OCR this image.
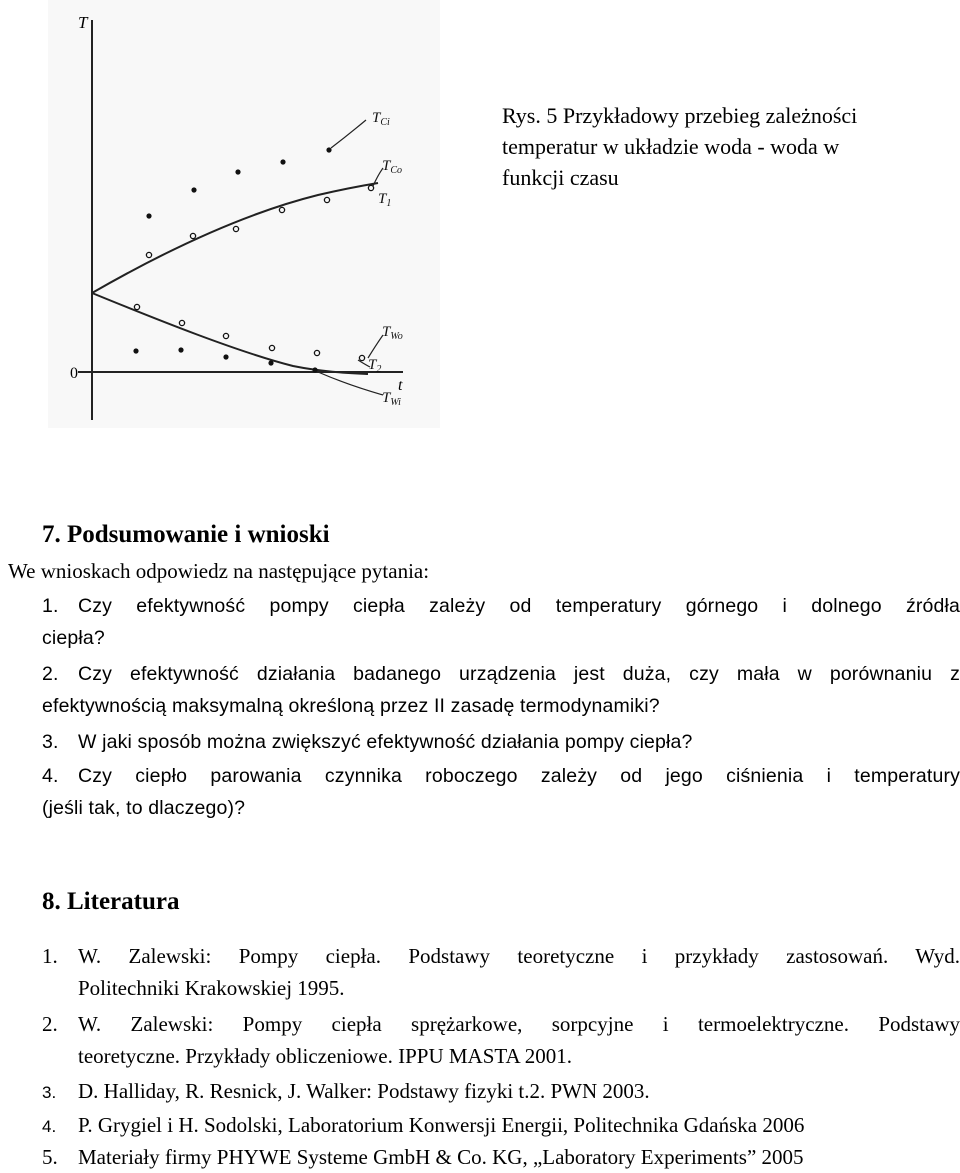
T
0
t
$T_{Ci}$
$T_{Co}$
$T_1$
$T_{Wo}$
$T_2$
$T_{Wi}$
Rys. 5 Przykładowy przebieg zależności
temperatur w układzie woda - woda w
funkcji czasu
7. Podsumowanie i wnioski
We wnioskach odpowiedz na następujące pytania:
1. Czy efektywność pompy ciepła zależy od temperatury górnego i dolnego źródła
ciepła?
2. Czy efektywność działania badanego urządzenia jest duża, czy mała w porównaniu z
efektywnością maksymalną określoną przez II zasadę termodynamiki?
3. W jaki sposób można zwiększyć efektywność działania pompy ciepła?
4. Czy ciepło parowania czynnika roboczego zależy od jego ciśnienia i temperatury
(jeśli tak, to dlaczego)?
8. Literatura
1. W. Zalewski: Pompy ciepła. Podstawy teoretyczne i przykłady zastosowań. Wyd.
Politechniki Krakowskiej 1995.
2. W. Zalewski: Pompy ciepła sprężarkowe, sorpcyjne i termoelektryczne. Podstawy
teoretyczne. Przykłady obliczeniowe. IPPU MASTA 2001.
3. D. Halliday, R. Resnick, J. Walker: Podstawy fizyki t.2. PWN 2003.
4. P. Grygiel i H. Sodolski, Laboratorium Konwersji Energii, Politechnika Gdańska 2006
5. Materiały firmy PHYWE Systeme GmbH & Co. KG, „Laboratory Experiments” 2005
